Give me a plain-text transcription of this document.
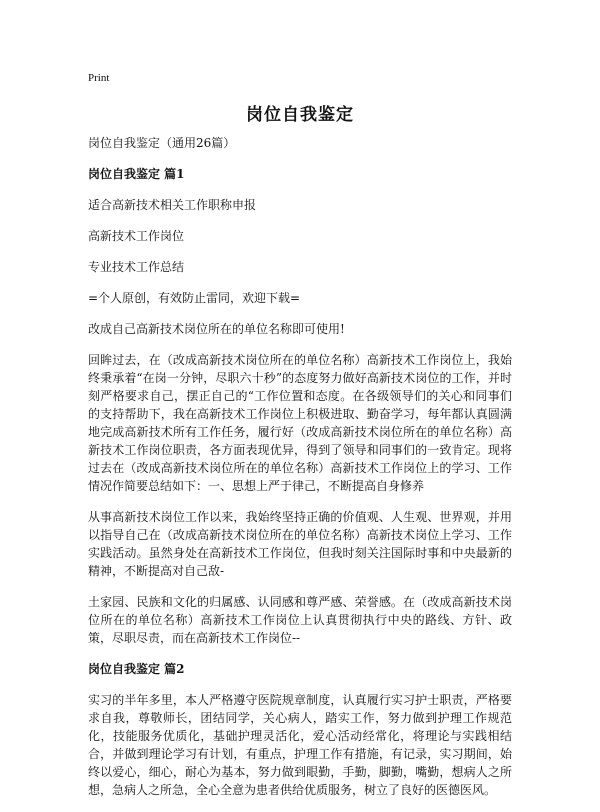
Print
岗位自我鉴定

岗位自我鉴定（通用26篇）

岗位自我鉴定 篇1

适合高新技术相关工作职称申报

高新技术工作岗位

专业技术工作总结

=个人原创，有效防止雷同，欢迎下载=

改成自己高新技术岗位所在的单位名称即可使用!

回眸过去，在（改成高新技术岗位所在的单位名称）高新技术工作岗位上，我始终秉承着“在岗一分钟，尽职六十秒”的态度努力做好高新技术岗位的工作，并时刻严格要求自己，摆正自己的“工作位置和态度。在各级领导们的关心和同事们的支持帮助下，我在高新技术工作岗位上积极进取、勤奋学习，每年都认真圆满地完成高新技术所有工作任务，履行好（改成高新技术岗位所在的单位名称）高新技术工作岗位职责，各方面表现优异，得到了领导和同事们的一致肯定。现将过去在（改成高新技术岗位所在的单位名称）高新技术工作岗位上的学习、工作情况作简要总结如下：一、思想上严于律己，不断提高自身修养

从事高新技术岗位工作以来，我始终坚持正确的价值观、人生观、世界观，并用以指导自己在（改成高新技术岗位所在的单位名称）高新技术岗位上学习、工作实践活动。虽然身处在高新技术工作岗位，但我时刻关注国际时事和中央最新的精神，不断提高对自己敌-

土家园、民族和文化的归属感、认同感和尊严感、荣誉感。在（改成高新技术岗位所在的单位名称）高新技术工作岗位上认真贯彻执行中央的路线、方针、政策，尽职尽责，而在高新技术工作岗位--

岗位自我鉴定 篇2

实习的半年多里，本人严格遵守医院规章制度，认真履行实习护士职责，严格要求自我，尊敬师长，团结同学，关心病人，踏实工作，努力做到护理工作规范化，技能服务优质化，基础护理灵活化，爱心活动经常化，将理论与实践相结合，并做到理论学习有计划，有重点，护理工作有措施，有记录，实习期间，始终以爱心，细心，耐心为基本，努力做到眼勤，手勤，脚勤，嘴勤，想病人之所想，急病人之所急，全心全意为患者供给优质服务，树立了良好的医德医风。
